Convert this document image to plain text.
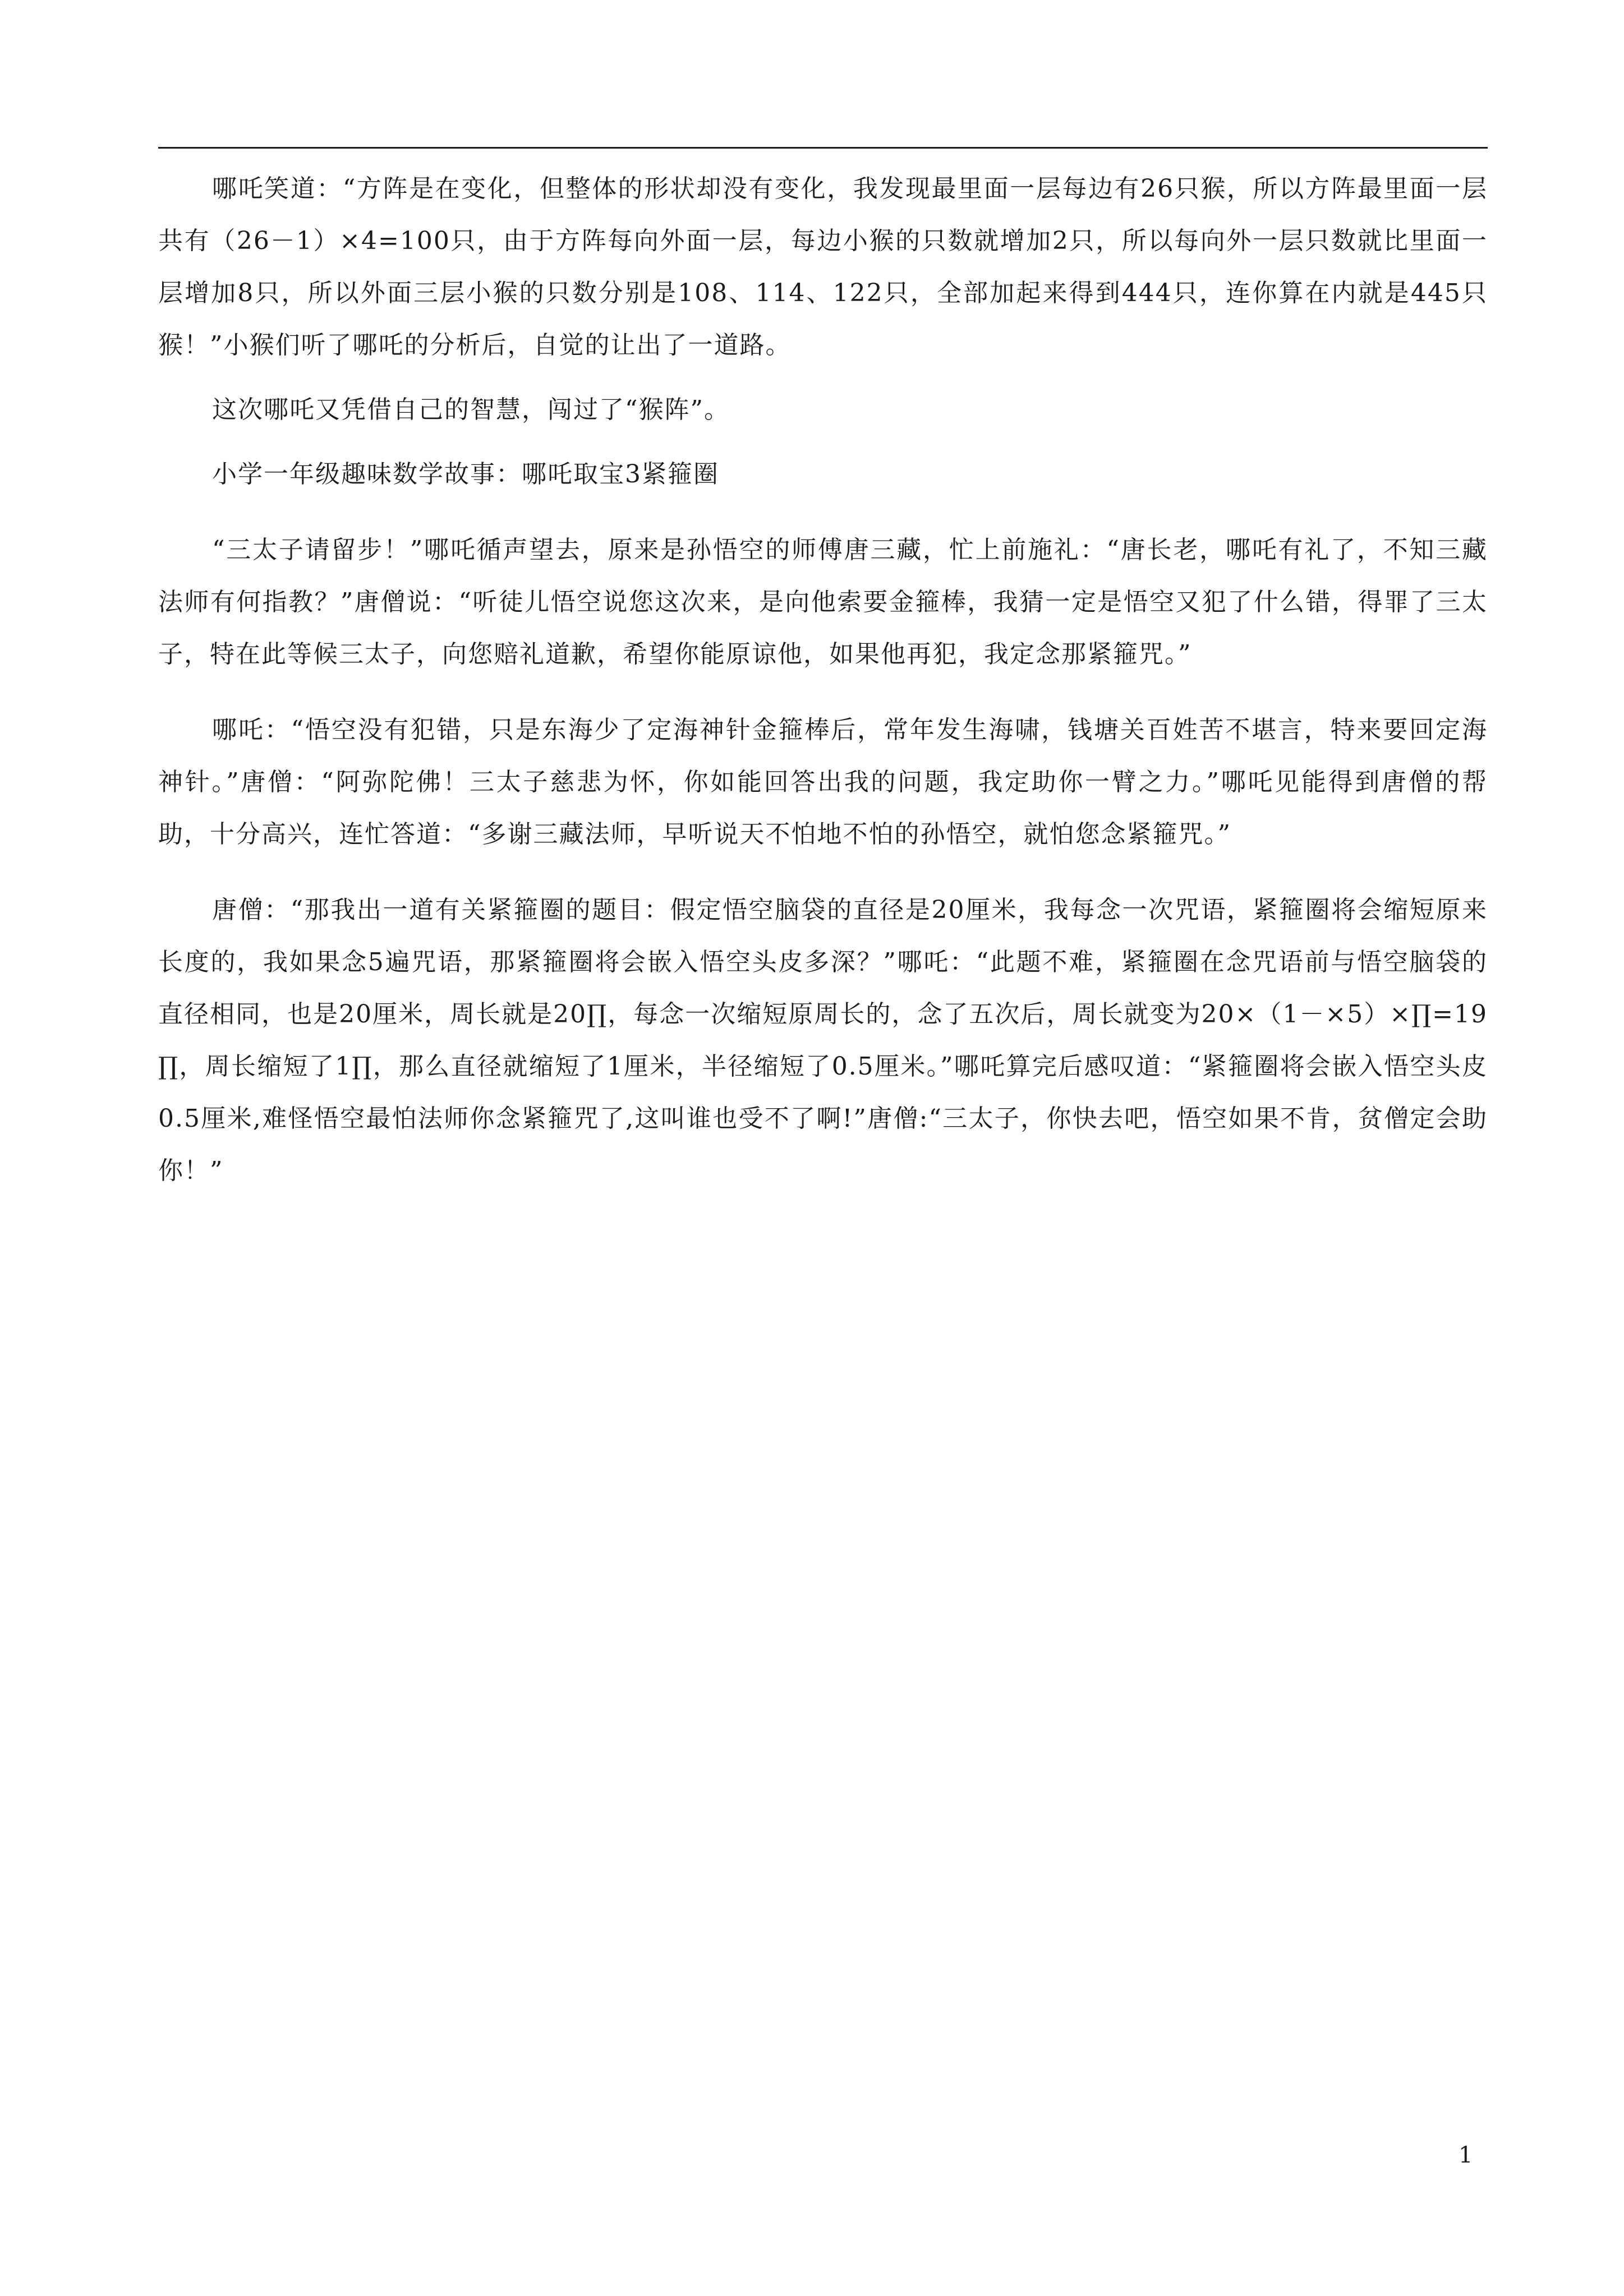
哪吒笑道：“方阵是在变化，但整体的形状却没有变化，我发现最里面一层每边有26只猴，所以方阵最里面一层共有（26－1）×4=100只，由于方阵每向外面一层，每边小猴的只数就增加2只，所以每向外一层只数就比里面一层增加8只，所以外面三层小猴的只数分别是108、114、122只，全部加起来得到444只，连你算在内就是445只猴！”小猴们听了哪吒的分析后，自觉的让出了一道路。

这次哪吒又凭借自己的智慧，闯过了“猴阵”。

小学一年级趣味数学故事：哪吒取宝3紧箍圈

“三太子请留步！”哪吒循声望去，原来是孙悟空的师傅唐三藏，忙上前施礼：“唐长老，哪吒有礼了，不知三藏法师有何指教？”唐僧说：“听徒儿悟空说您这次来，是向他索要金箍棒，我猜一定是悟空又犯了什么错，得罪了三太子，特在此等候三太子，向您赔礼道歉，希望你能原谅他，如果他再犯，我定念那紧箍咒。”

哪吒：“悟空没有犯错，只是东海少了定海神针金箍棒后，常年发生海啸，钱塘关百姓苦不堪言，特来要回定海神针。”唐僧：“阿弥陀佛！三太子慈悲为怀，你如能回答出我的问题，我定助你一臂之力。”哪吒见能得到唐僧的帮助，十分高兴，连忙答道：“多谢三藏法师，早听说天不怕地不怕的孙悟空，就怕您念紧箍咒。”

唐僧：“那我出一道有关紧箍圈的题目：假定悟空脑袋的直径是20厘米，我每念一次咒语，紧箍圈将会缩短原来长度的，我如果念5遍咒语，那紧箍圈将会嵌入悟空头皮多深？”哪吒：“此题不难，紧箍圈在念咒语前与悟空脑袋的直径相同，也是20厘米，周长就是20∏，每念一次缩短原周长的，念了五次后，周长就变为20×（1－×5）×∏=19∏，周长缩短了1∏，那么直径就缩短了1厘米，半径缩短了0.5厘米。”哪吒算完后感叹道：“紧箍圈将会嵌入悟空头皮0.5厘米,难怪悟空最怕法师你念紧箍咒了,这叫谁也受不了啊!”唐僧:“三太子，你快去吧，悟空如果不肯，贫僧定会助你！”

1
